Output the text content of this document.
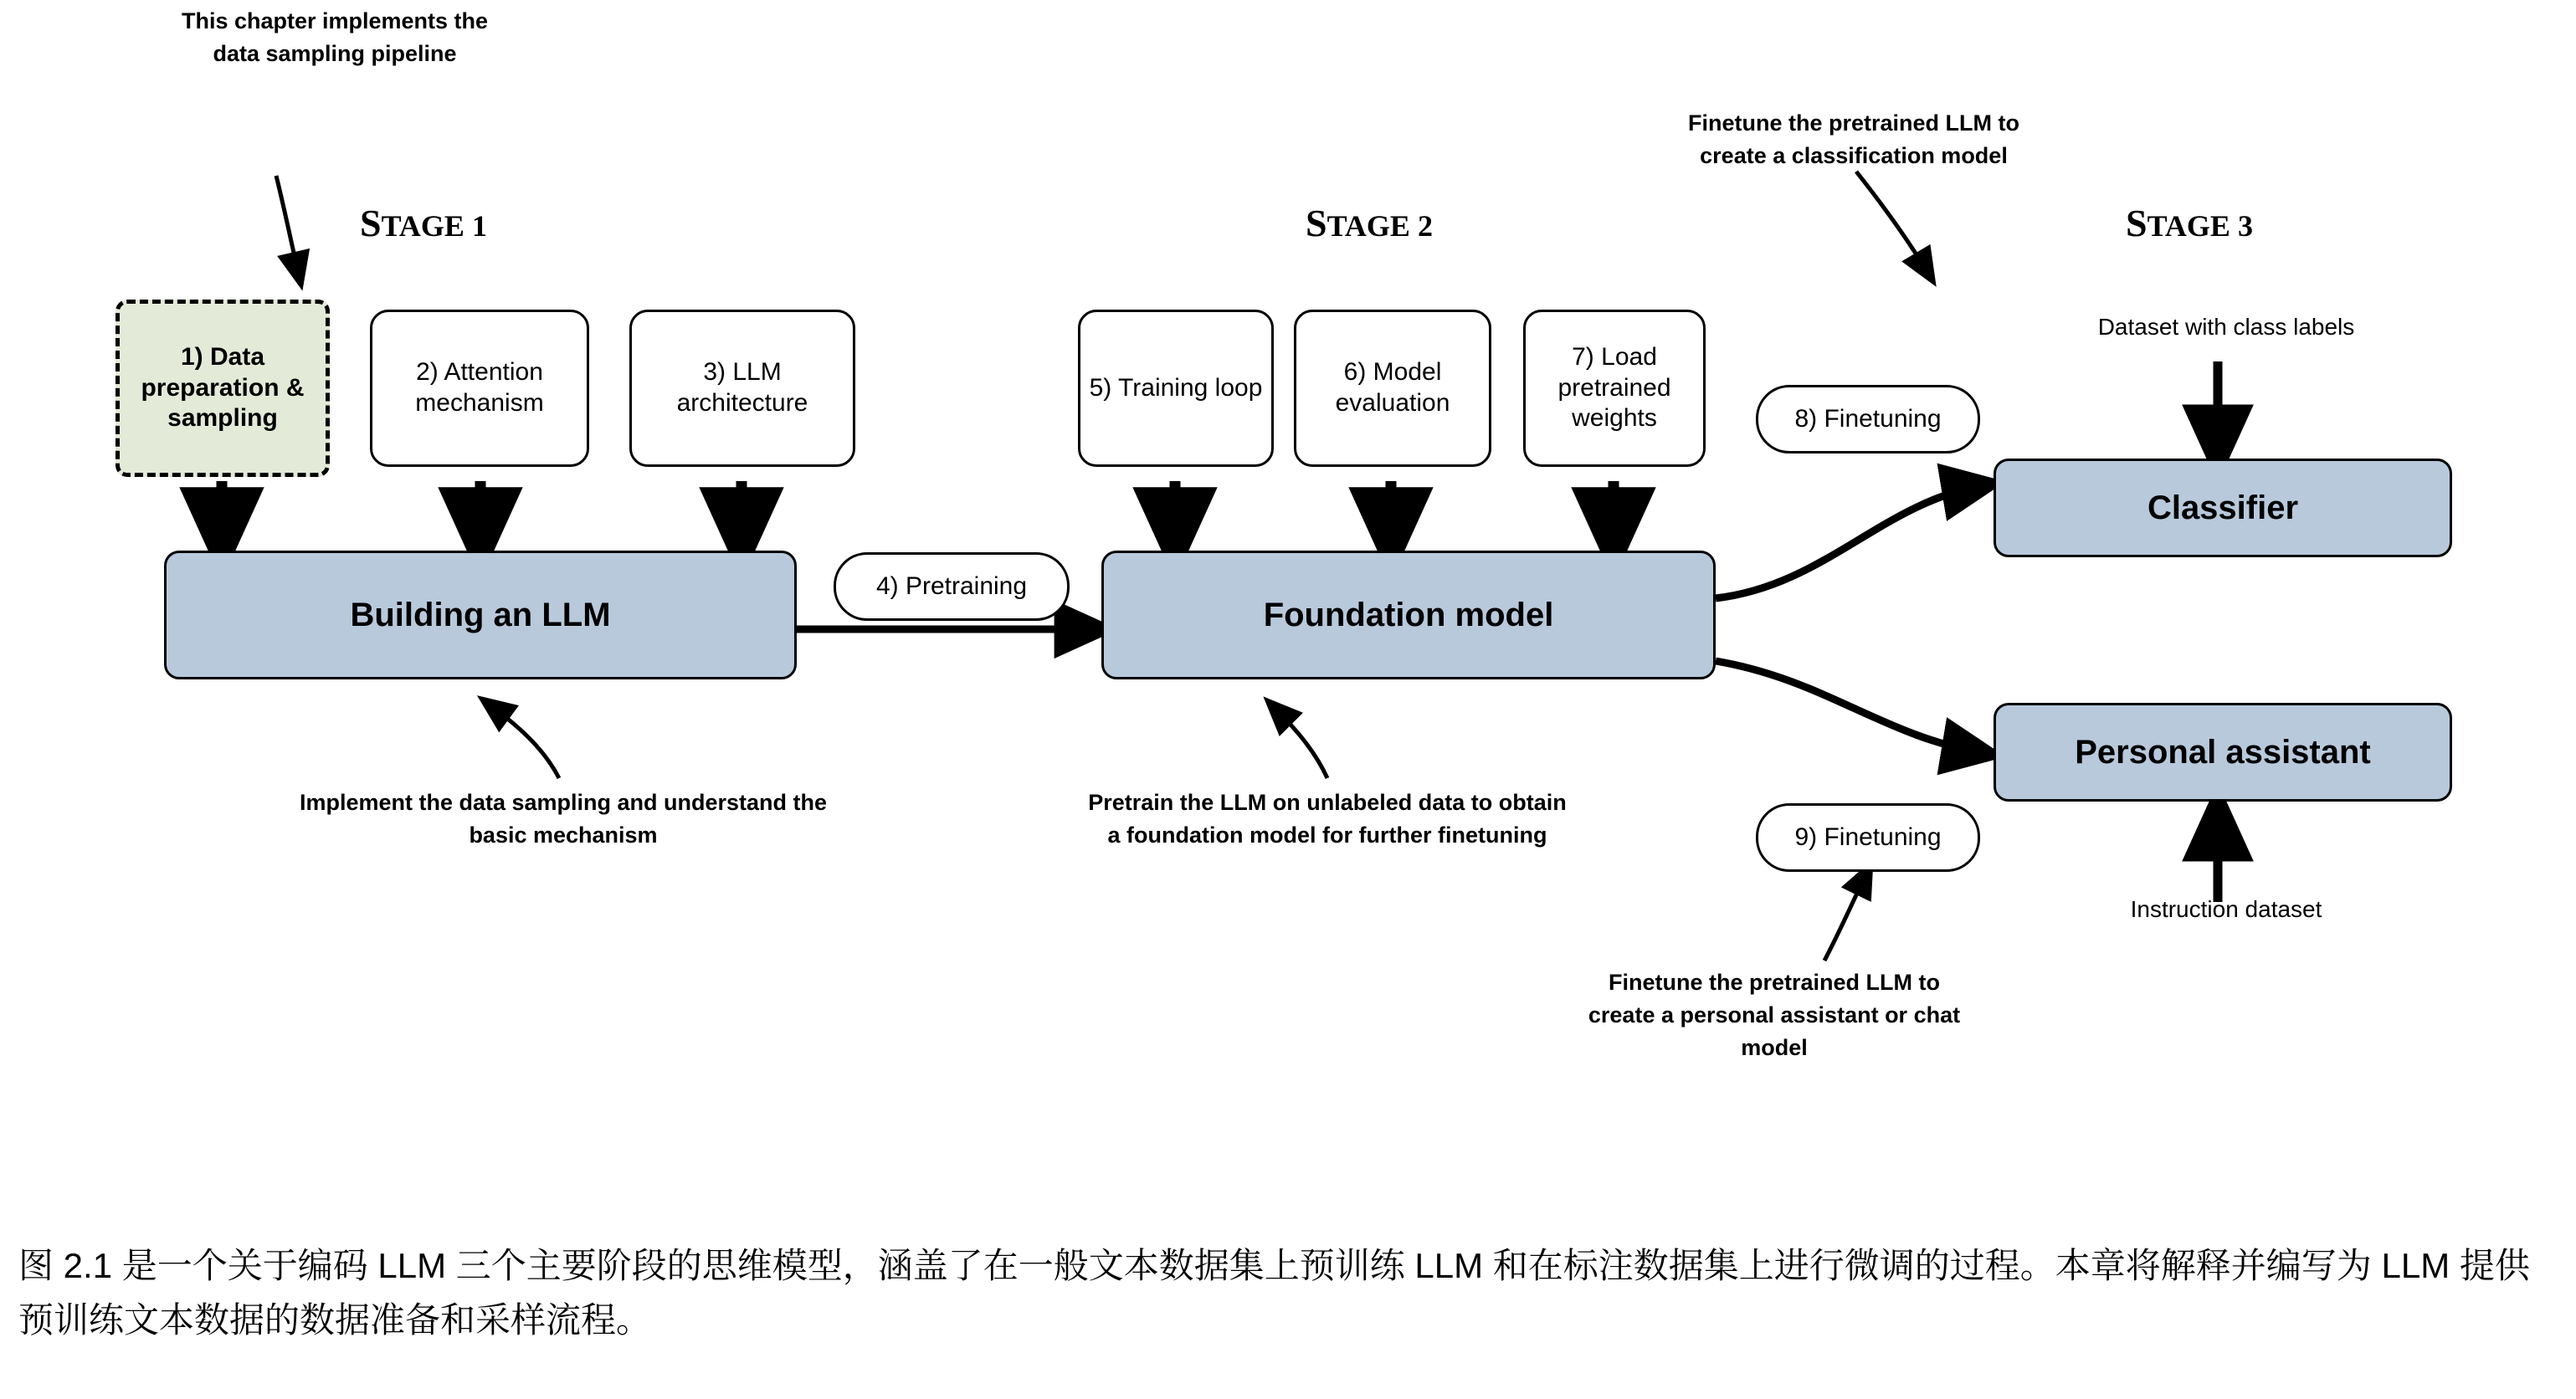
STAGE 1	STAGE 2	STAGE 3
This chapter implements the data sampling pipeline
1) Data preparation & sampling
2) Attention mechanism
3) LLM architecture
Building an LLM
4) Pretraining
5) Training loop
6) Model evaluation
7) Load pretrained weights
Foundation model
8) Finetuning
9) Finetuning
Classifier
Personal assistant
Dataset with class labels
Instruction dataset
Finetune the pretrained LLM to create a classification model
Implement the data sampling and understand the basic mechanism
Pretrain the LLM on unlabeled data to obtain a foundation model for further finetuning
Finetune the pretrained LLM to create a personal assistant or chat model
图 2.1 是一个关于编码 LLM 三个主要阶段的思维模型，涵盖了在一般文本数据集上预训练 LLM 和在标注数据集上进行微调的过程。本章将解释并编写为 LLM 提供预训练文本数据的数据准备和采样流程。
